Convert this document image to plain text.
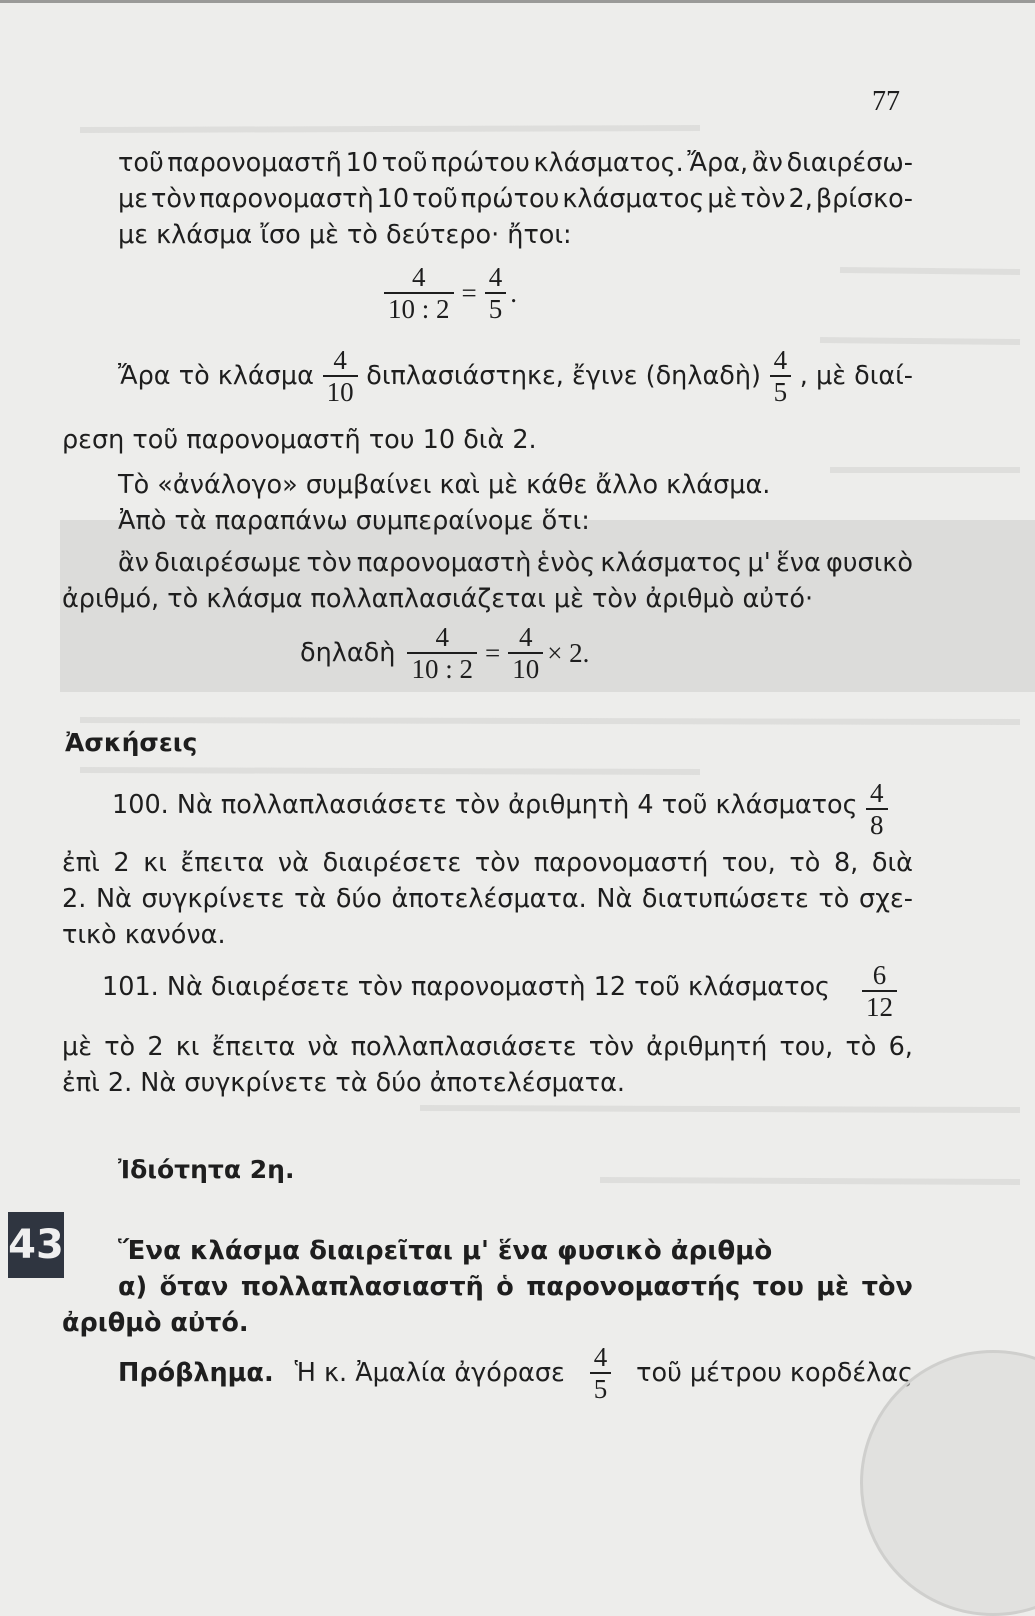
77
τοῦ παρονομαστῆ 10 τοῦ πρώτου κλάσματος. Ἄρα, ἂν διαιρέσω-
με τὸν παρονομαστὴ 10 τοῦ πρώτου κλάσματος μὲ τὸν 2, βρίσκο-
με κλάσμα ἴσο μὲ τὸ δεύτερο· ἤτοι:
$\frac{4}{10 : 2} = \frac{4}{5}$ .
Ἄρα τὸ κλάσμα $\frac{4}{10} \delta\iota\pi\lambda\alpha\sigma\iota ά\sigma\tau\eta\kappa\varepsilon$, ἔγινε (δηλαδὴ) $\frac{4}{5}$ , μὲ διαί-
ρεση τοῦ παρονομαστῆ του 10 διὰ 2.
Τὸ «ἀνάλογο» συμβαίνει καὶ μὲ κάθε ἄλλο κλάσμα.
Ἀπὸ τὰ παραπάνω συμπεραίνομε ὅτι:
ἂν διαιρέσωμε τὸν παρονομαστὴ ἑνὸς κλάσματος μ' ἕνα φυσικὸ
ἀριθμό, τὸ κλάσμα πολλαπλασιάζεται μὲ τὸν ἀριθμὸ αὐτό·
δηλαδὴ $\frac{4}{10 : 2} = \frac{4}{10} \times 2$.
Ἀσκήσεις
100. Νὰ πολλαπλασιάσετε τὸν ἀριθμητὴ 4 τοῦ κλάσματος $\frac{4}{8}$
ἐπὶ 2 κι ἔπειτα νὰ διαιρέσετε τὸν παρονομαστή του, τὸ 8, διὰ
2. Νὰ συγκρίνετε τὰ δύο ἀποτελέσματα. Νὰ διατυπώσετε τὸ σχε-
τικὸ κανόνα.
101. Νὰ διαιρέσετε τὸν παρονομαστὴ 12 τοῦ κλάσματος $\frac{6}{12}$
μὲ τὸ 2 κι ἔπειτα νὰ πολλαπλασιάσετε τὸν ἀριθμητή του, τὸ 6,
ἐπὶ 2. Νὰ συγκρίνετε τὰ δύο ἀποτελέσματα.
Ἰδιότητα 2η.
43 Ἕνα κλάσμα διαιρεῖται μ' ἕνα φυσικὸ ἀριθμὸ
α) ὅταν πολλαπλασιαστῆ ὁ παρονομαστής του μὲ τὸν
ἀριθμὸ αὐτό.
Πρόβλημα. Ἡ κ. Ἀμαλία ἀγόρασε $\frac{4}{5}$ τοῦ μέτρου κορδέλας
